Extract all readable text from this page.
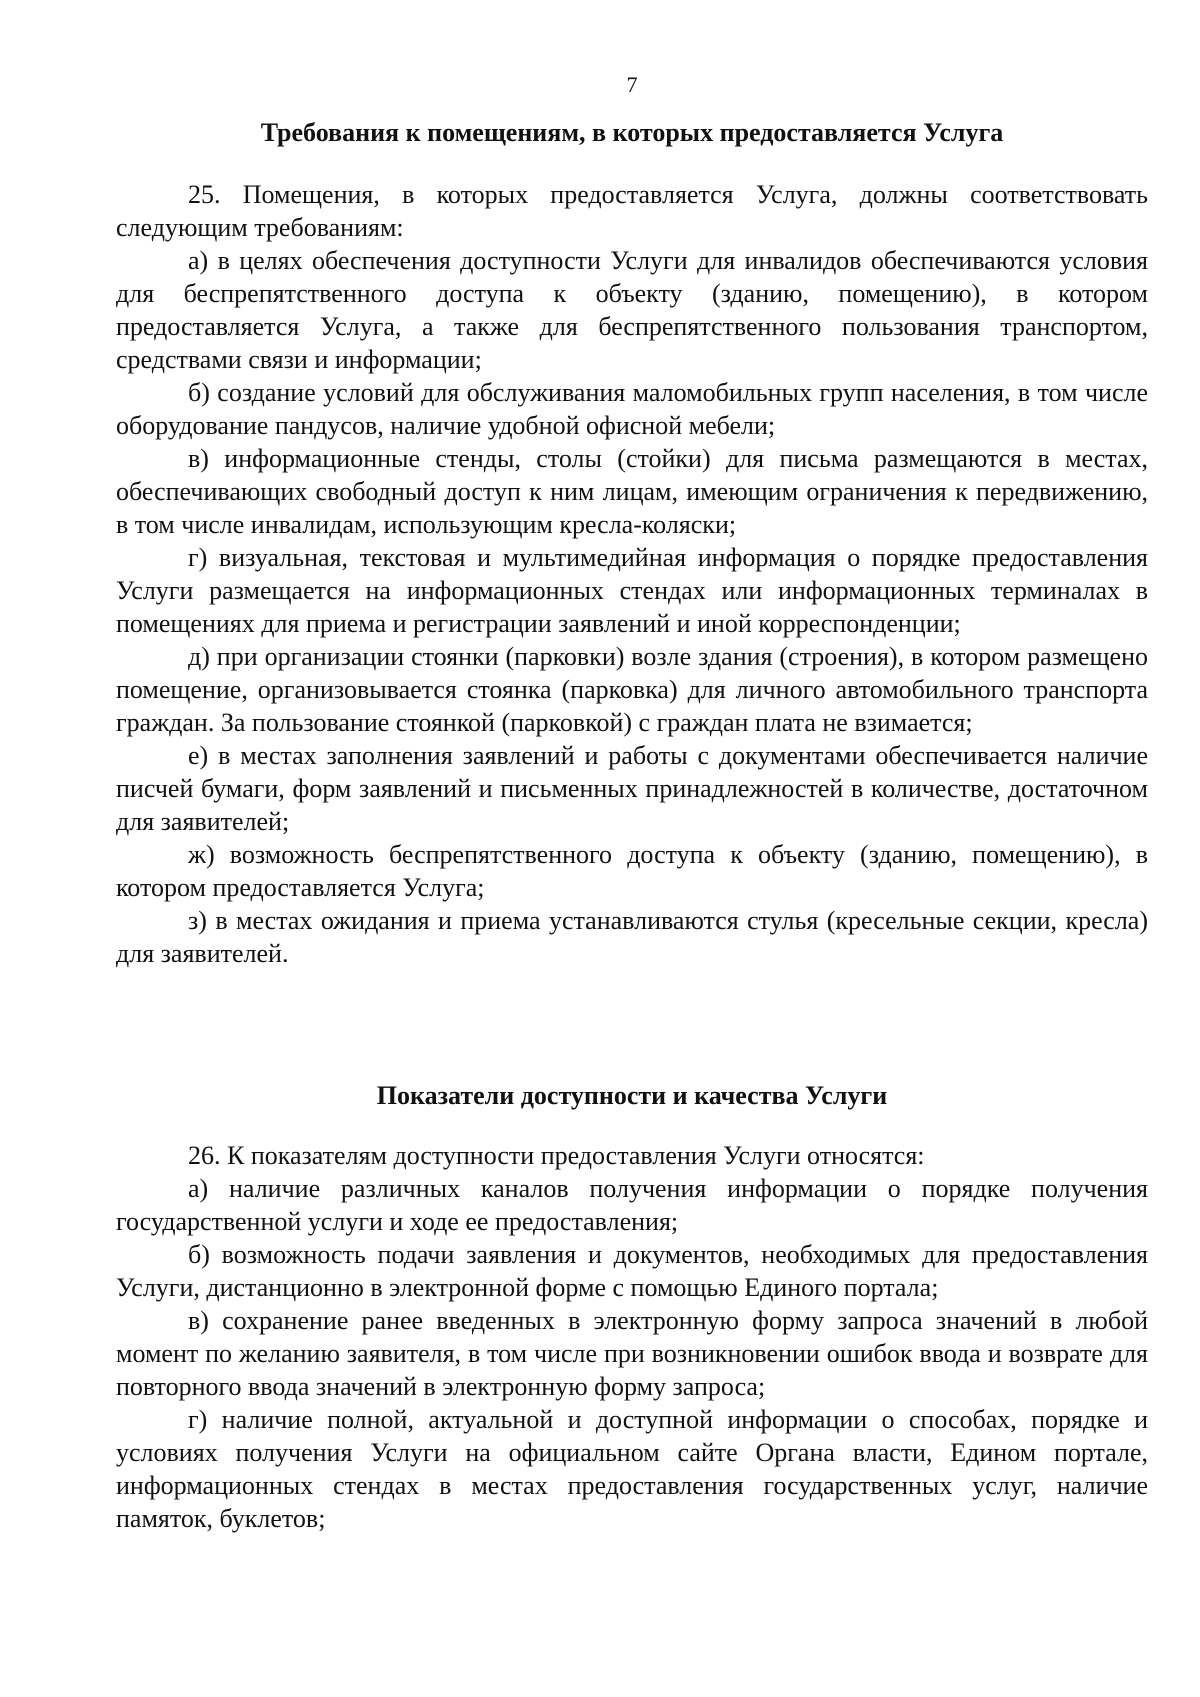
7
Требования к помещениям, в которых предоставляется Услуга

25. Помещения, в которых предоставляется Услуга, должны соответствовать следующим требованиям:

а) в целях обеспечения доступности Услуги для инвалидов обеспечиваются условия для беспрепятственного доступа к объекту (зданию, помещению), в котором предоставляется Услуга, а также для беспрепятственного пользования транспортом, средствами связи и информации;

б) создание условий для обслуживания маломобильных групп населения, в том числе оборудование пандусов, наличие удобной офисной мебели;

в) информационные стенды, столы (стойки) для письма размещаются в местах, обеспечивающих свободный доступ к ним лицам, имеющим ограничения к передвижению, в том числе инвалидам, использующим кресла-коляски;

г) визуальная, текстовая и мультимедийная информация о порядке предоставления Услуги размещается на информационных стендах или информационных терминалах в помещениях для приема и регистрации заявлений и иной корреспонденции;

д) при организации стоянки (парковки) возле здания (строения), в котором размещено помещение, организовывается стоянка (парковка) для личного автомобильного транспорта граждан. За пользование стоянкой (парковкой) с граждан плата не взимается;

е) в местах заполнения заявлений и работы с документами обеспечивается наличие писчей бумаги, форм заявлений и письменных принадлежностей в количестве, достаточном для заявителей;

ж) возможность беспрепятственного доступа к объекту (зданию, помещению), в котором предоставляется Услуга;

з) в местах ожидания и приема устанавливаются стулья (кресельные секции, кресла) для заявителей.

Показатели доступности и качества Услуги

26. К показателям доступности предоставления Услуги относятся:

а) наличие различных каналов получения информации о порядке получения государственной услуги и ходе ее предоставления;

б) возможность подачи заявления и документов, необходимых для предоставления Услуги, дистанционно в электронной форме с помощью Единого портала;

в) сохранение ранее введенных в электронную форму запроса значений в любой момент по желанию заявителя, в том числе при возникновении ошибок ввода и возврате для повторного ввода значений в электронную форму запроса;

г) наличие полной, актуальной и доступной информации о способах, порядке и условиях получения Услуги на официальном сайте Органа власти, Едином портале, информационных стендах в местах предоставления государственных услуг, наличие памяток, буклетов;
